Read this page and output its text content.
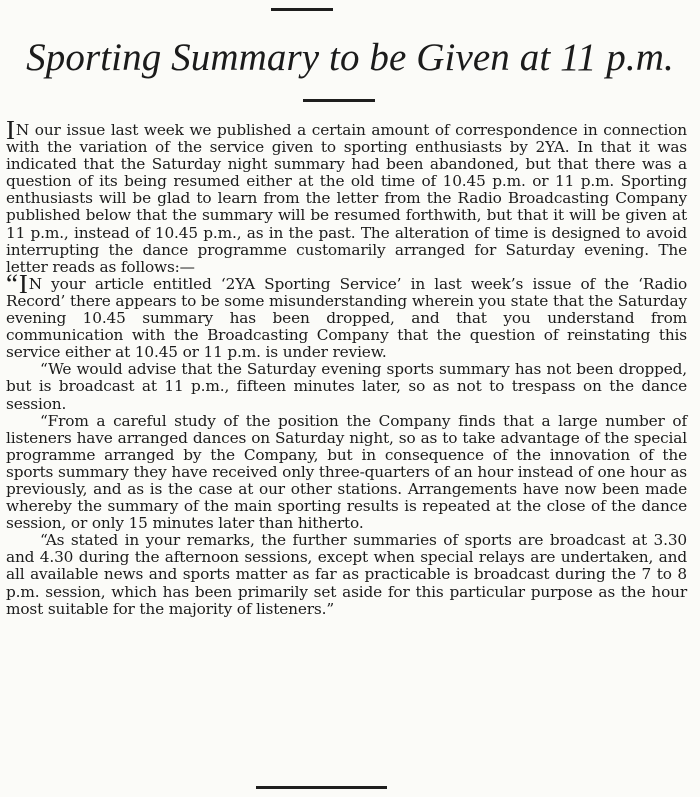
Sporting Summary to be Given at 11 p.m.

IN our issue last week we published a certain amount of correspondence in connection with the variation of the service given to sporting enthusiasts by 2YA. In that it was indicated that the Saturday night summary had been abandoned, but that there was a question of its being resumed either at the old time of 10.45 p.m. or 11 p.m. Sporting enthusiasts will be glad to learn from the letter from the Radio Broadcasting Company published below that the summary will be resumed forthwith, but that it will be given at 11 p.m., instead of 10.45 p.m., as in the past. The alteration of time is designed to avoid interrupting the dance programme customarily arranged for Saturday evening. The letter reads as follows:—

“IN your article entitled ‘2YA Sporting Service’ in last week’s issue of the ‘Radio Record’ there appears to be some misunderstanding wherein you state that the Saturday evening 10.45 summary has been dropped, and that you understand from communication with the Broadcasting Company that the question of reinstating this service either at 10.45 or 11 p.m. is under review.

“We would advise that the Saturday evening sports summary has not been dropped, but is broadcast at 11 p.m., fifteen minutes later, so as not to trespass on the dance session.

“From a careful study of the position the Company finds that a large number of listeners have arranged dances on Saturday night, so as to take advantage of the special programme arranged by the Company, but in consequence of the innovation of the sports summary they have received only three-quarters of an hour instead of one hour as previously, and as is the case at our other stations. Arrangements have now been made whereby the summary of the main sporting results is repeated at the close of the dance session, or only 15 minutes later than hitherto.

“As stated in your remarks, the further summaries of sports are broadcast at 3.30 and 4.30 during the afternoon sessions, except when special relays are undertaken, and all available news and sports matter as far as practicable is broadcast during the 7 to 8 p.m. session, which has been primarily set aside for this particular purpose as the hour most suitable for the majority of listeners.”
